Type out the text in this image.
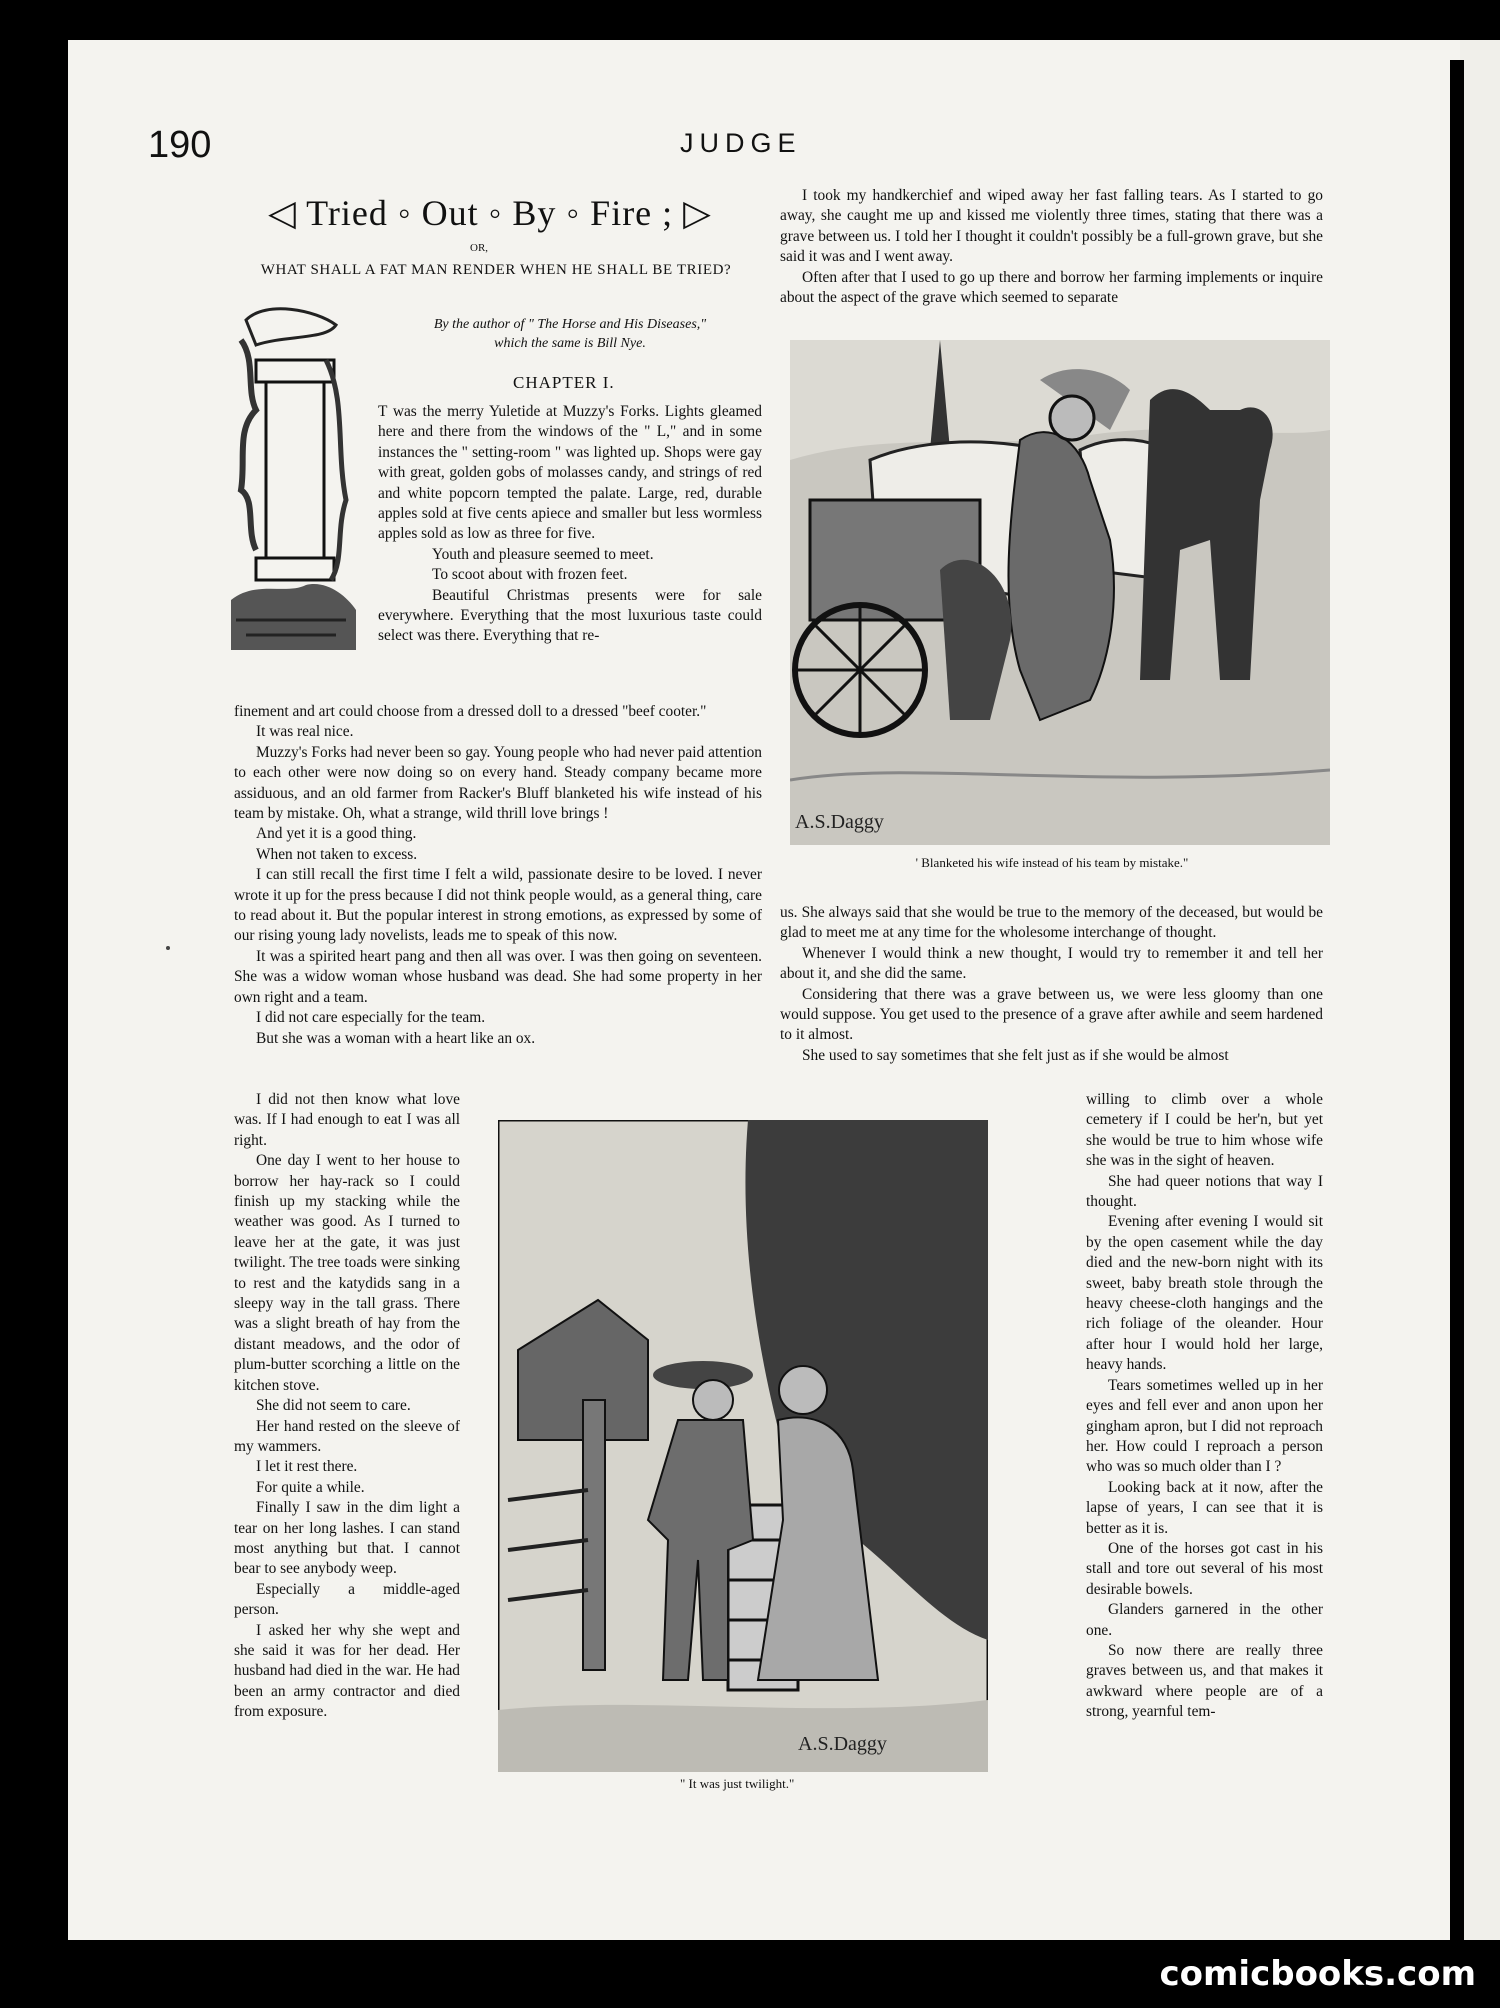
190	JUDGE
◁ Tried ◦ Out ◦ By ◦ Fire ; ▷
OR,
WHAT SHALL A FAT MAN RENDER WHEN HE SHALL BE TRIED?
By the author of " The Horse and His Diseases,"
which the same is Bill Nye.
CHAPTER I.

T was the merry Yuletide at Muzzy's Forks. Lights gleamed here and there from the windows of the " L," and in some instances the " setting-room " was lighted up. Shops were gay with great, golden gobs of molasses candy, and strings of red and white popcorn tempted the palate. Large, red, durable apples sold at five cents apiece and smaller but less wormless apples sold as low as three for five.

Youth and pleasure seemed to meet.

To scoot about with frozen feet.

Beautiful Christmas presents were for sale everywhere. Everything that the most luxurious taste could select was there. Everything that re-

finement and art could choose from a dressed doll to a dressed "beef cooter."

It was real nice.

Muzzy's Forks had never been so gay. Young people who had never paid attention to each other were now doing so on every hand. Steady company became more assiduous, and an old farmer from Racker's Bluff blanketed his wife instead of his team by mistake. Oh, what a strange, wild thrill love brings !

And yet it is a good thing.

When not taken to excess.

I can still recall the first time I felt a wild, passionate desire to be loved. I never wrote it up for the press because I did not think people would, as a general thing, care to read about it. But the popular interest in strong emotions, as expressed by some of our rising young lady novelists, leads me to speak of this now.

It was a spirited heart pang and then all was over. I was then going on seventeen. She was a widow woman whose husband was dead. She had some property in her own right and a team.

I did not care especially for the team.

But she was a woman with a heart like an ox.

I did not then know what love was. If I had enough to eat I was all right.

One day I went to her house to borrow her hay-rack so I could finish up my stacking while the weather was good. As I turned to leave her at the gate, it was just twilight. The tree toads were sinking to rest and the katydids sang in a sleepy way in the tall grass. There was a slight breath of hay from the distant meadows, and the odor of plum-butter scorching a little on the kitchen stove.

She did not seem to care.

Her hand rested on the sleeve of my wammers.

I let it rest there.

For quite a while.

Finally I saw in the dim light a tear on her long lashes. I can stand most anything but that. I cannot bear to see anybody weep.

Especially a middle-aged person.

I asked her why she wept and she said it was for her dead. Her husband had died in the war. He had been an army contractor and died from exposure.

I took my handkerchief and wiped away her fast falling tears. As I started to go away, she caught me up and kissed me violently three times, stating that there was a grave between us. I told her I thought it couldn't possibly be a full-grown grave, but she said it was and I went away.

Often after that I used to go up there and borrow her farming implements or inquire about the aspect of the grave which seemed to separate

A.S.Daggy
' Blanketed his wife instead of his team by mistake."

us. She always said that she would be true to the memory of the deceased, but would be glad to meet me at any time for the wholesome interchange of thought.

Whenever I would think a new thought, I would try to remember it and tell her about it, and she did the same.

Considering that there was a grave between us, we were less gloomy than one would suppose. You get used to the presence of a grave after awhile and seem hardened to it almost.

She used to say sometimes that she felt just as if she would be almost

willing to climb over a whole cemetery if I could be her'n, but yet she would be true to him whose wife she was in the sight of heaven.

She had queer notions that way I thought.

Evening after evening I would sit by the open casement while the day died and the new-born night with its sweet, baby breath stole through the heavy cheese-cloth hangings and the rich foliage of the oleander. Hour after hour I would hold her large, heavy hands.

Tears sometimes welled up in her eyes and fell ever and anon upon her gingham apron, but I did not reproach her. How could I reproach a person who was so much older than I ?

Looking back at it now, after the lapse of years, I can see that it is better as it is.

One of the horses got cast in his stall and tore out several of his most desirable bowels.

Glanders garnered in the other one.

So now there are really three graves between us, and that makes it awkward where people are of a strong, yearnful tem-

A.S.Daggy
" It was just twilight."
comicbooks.com
